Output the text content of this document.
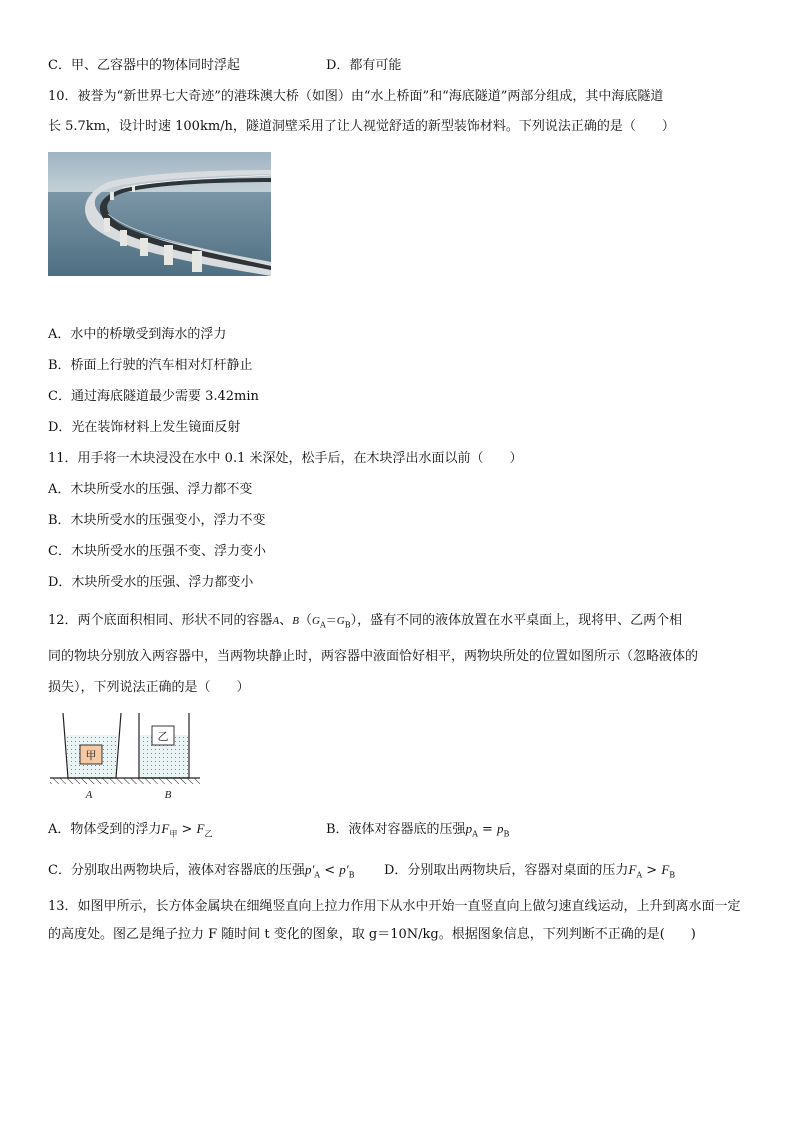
C．甲、乙容器中的物体同时浮起	D．都有可能
10．被誉为“新世界七大奇迹”的港珠澳大桥（如图）由“水上桥面”和“海底隧道”两部分组成，其中海底隧道
长 5.7km，设计时速 100km/h，隧道洞壁采用了让人视觉舒适的新型装饰材料。下列说法正确的是（　　）
A．水中的桥墩受到海水的浮力
B．桥面上行驶的汽车相对灯杆静止
C．通过海底隧道最少需要 3.42min
D．光在装饰材料上发生镜面反射
11．用手将一木块浸没在水中 0.1 米深处，松手后，在木块浮出水面以前（　　）
A．木块所受水的压强、浮力都不变
B．木块所受水的压强变小，浮力不变
C．木块所受水的压强不变、浮力变小
D．木块所受水的压强、浮力都变小
12．两个底面积相同、形状不同的容器A、$B(G_A=G_B)$，盛有不同的液体放置在水平桌面上，现将甲、乙两个相
同的物块分别放入两容器中，当两物块静止时，两容器中液面恰好相平，两物块所处的位置如图所示（忽略液体的
损失），下列说法正确的是（　　）
甲
乙
A	B
A．物体受到的浮力$F_甲 > F_乙$	B．液体对容器底的压强$p_A = p_B$
C．分别取出两物块后，液体对容器底的压强$p'_A < p'_B$ D．分别取出两物块后，容器对桌面的压力$F_A > F_B$
13．如图甲所示，长方体金属块在细绳竖直向上拉力作用下从水中开始一直竖直向上做匀速直线运动，上升到离水面一定的高度处。图乙是绳子拉力 F 随时间 t 变化的图象，取 g＝10N/kg。根据图象信息，下列判断不正确的是(　　)
